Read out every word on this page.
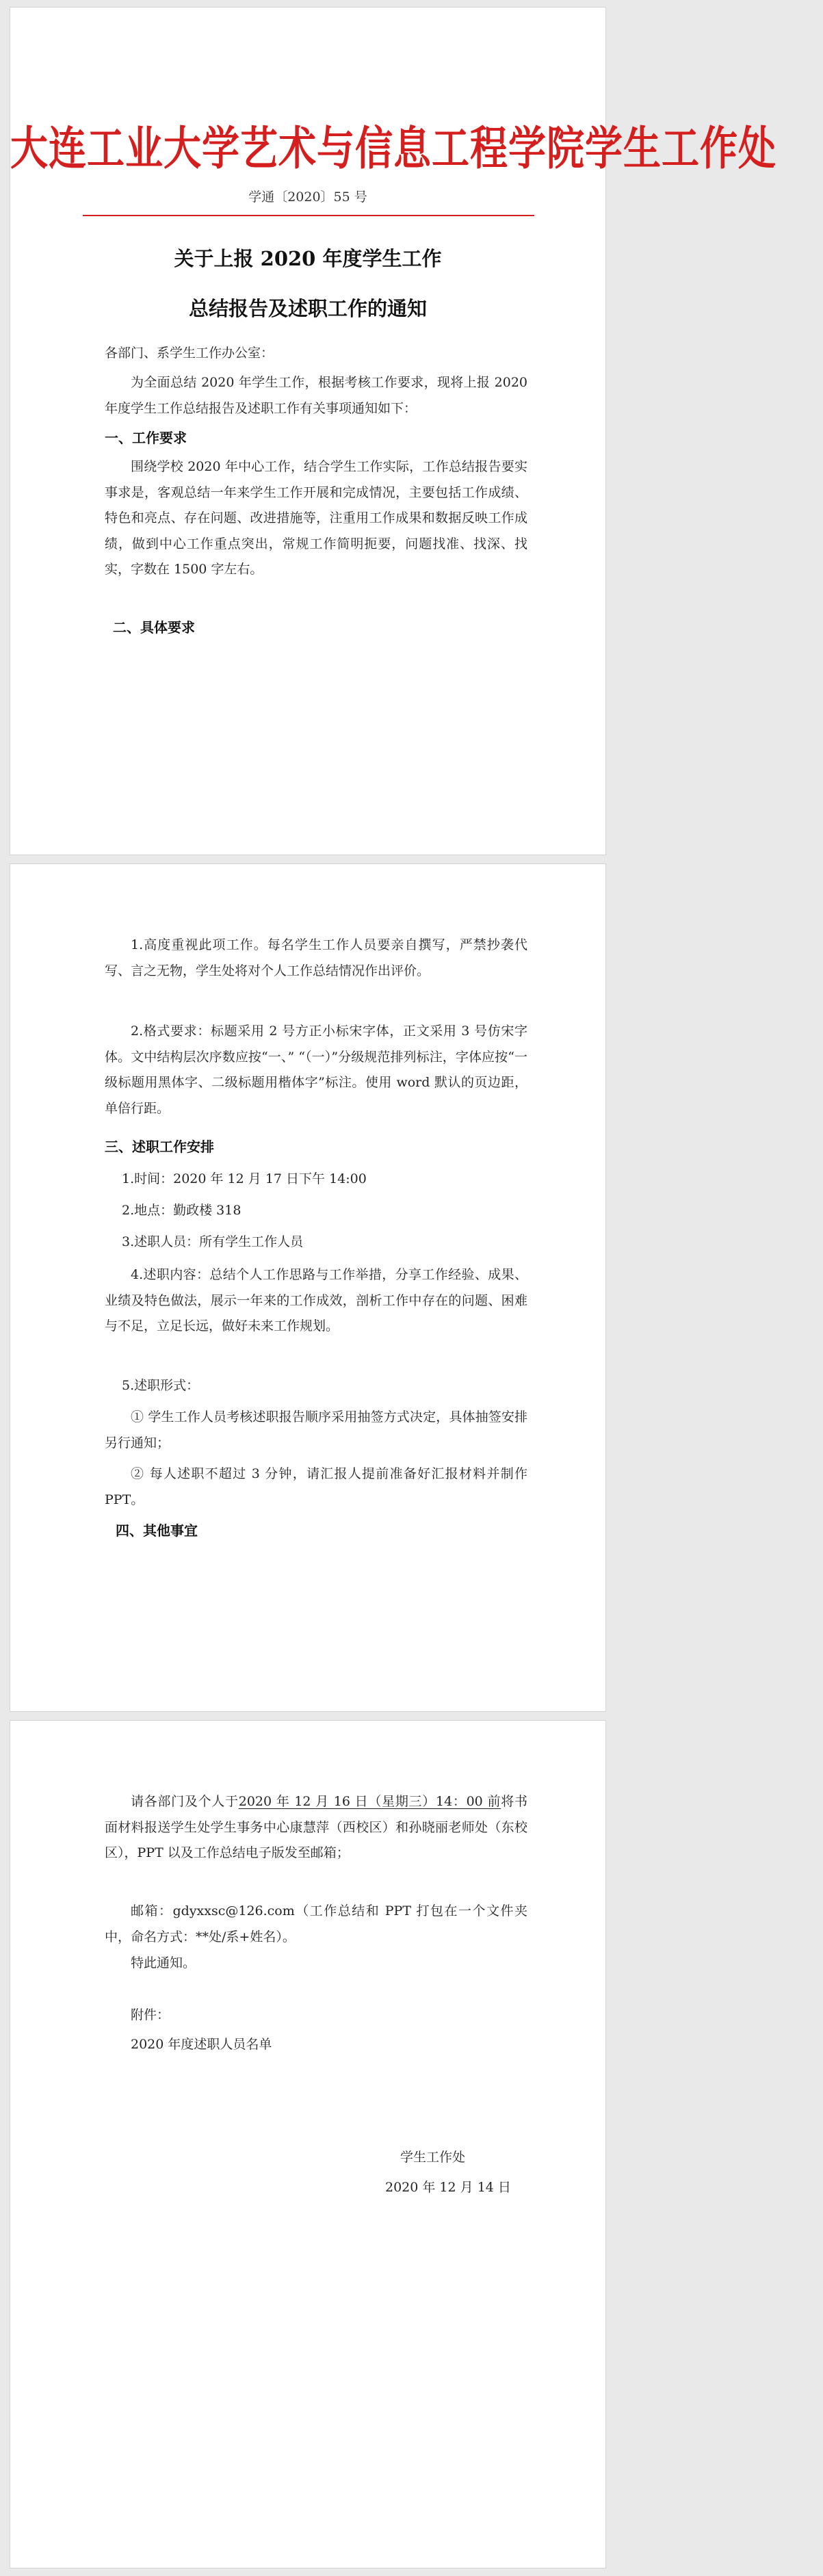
大连工业大学艺术与信息工程学院学生工作处
学通〔2020〕55 号
关于上报 2020 年度学生工作
总结报告及述职工作的通知
各部门、系学生工作办公室：
为全面总结 2020 年学生工作，根据考核工作要求，现将上报 2020 年度学生工作总结报告及述职工作有关事项通知如下：
一、工作要求
围绕学校 2020 年中心工作，结合学生工作实际，工作总结报告要实事求是，客观总结一年来学生工作开展和完成情况，主要包括工作成绩、特色和亮点、存在问题、改进措施等，注重用工作成果和数据反映工作成绩，做到中心工作重点突出，常规工作简明扼要，问题找准、找深、找实，字数在 1500 字左右。
二、具体要求
1.高度重视此项工作。每名学生工作人员要亲自撰写，严禁抄袭代写、言之无物，学生处将对个人工作总结情况作出评价。
2.格式要求：标题采用 2 号方正小标宋字体，正文采用 3 号仿宋字体。文中结构层次序数应按“一、” “（一）”分级规范排列标注，字体应按“一级标题用黑体字、二级标题用楷体字”标注。使用 word 默认的页边距，单倍行距。
三、述职工作安排
1.时间：2020 年 12 月 17 日下午 14:00
2.地点：勤政楼 318
3.述职人员：所有学生工作人员
4.述职内容：总结个人工作思路与工作举措，分享工作经验、成果、业绩及特色做法，展示一年来的工作成效，剖析工作中存在的问题、困难与不足，立足长远，做好未来工作规划。
5.述职形式：
① 学生工作人员考核述职报告顺序采用抽签方式决定，具体抽签安排另行通知；
② 每人述职不超过 3 分钟，请汇报人提前准备好汇报材料并制作 PPT。
四、其他事宜
请各部门及个人于2020 年 12 月 16 日（星期三）14：00 前将书面材料报送学生处学生事务中心康慧萍（西校区）和孙晓丽老师处（东校区），PPT 以及工作总结电子版发至邮箱；
邮箱：gdyxxsc@126.com（工作总结和 PPT 打包在一个文件夹中，命名方式：**处/系+姓名）。
特此通知。
附件：
2020 年度述职人员名单
学生工作处
2020 年 12 月 14 日
